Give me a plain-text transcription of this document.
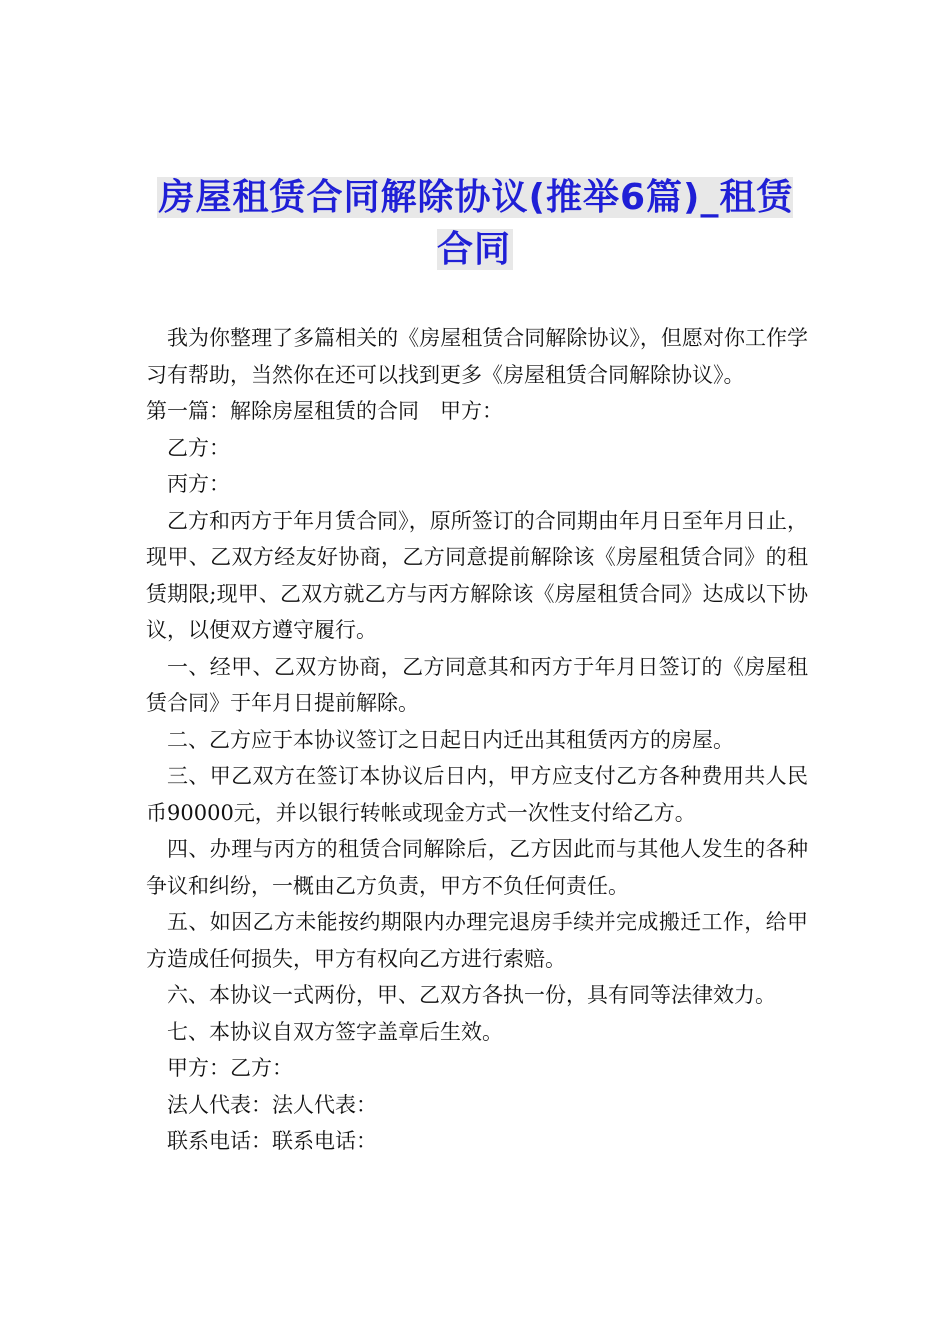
房屋租赁合同解除协议(推举6篇)_租赁合同

我为你整理了多篇相关的《房屋租赁合同解除协议》，但愿对你工作学习有帮助，当然你在还可以找到更多《房屋租赁合同解除协议》。

第一篇：解除房屋租赁的合同　甲方：

乙方：

丙方：

乙方和丙方于年月赁合同》，原所签订的合同期由年月日至年月日止，现甲、乙双方经友好协商，乙方同意提前解除该《房屋租赁合同》的租赁期限;现甲、乙双方就乙方与丙方解除该《房屋租赁合同》达成以下协议，以便双方遵守履行。

一、经甲、乙双方协商，乙方同意其和丙方于年月日签订的《房屋租赁合同》于年月日提前解除。

二、乙方应于本协议签订之日起日内迁出其租赁丙方的房屋。

三、甲乙双方在签订本协议后日内，甲方应支付乙方各种费用共人民币90000元，并以银行转帐或现金方式一次性支付给乙方。

四、办理与丙方的租赁合同解除后，乙方因此而与其他人发生的各种争议和纠纷，一概由乙方负责，甲方不负任何责任。

五、如因乙方未能按约期限内办理完退房手续并完成搬迁工作，给甲方造成任何损失，甲方有权向乙方进行索赔。

六、本协议一式两份，甲、乙双方各执一份，具有同等法律效力。

七、本协议自双方签字盖章后生效。

甲方：乙方：

法人代表：法人代表：

联系电话：联系电话：
